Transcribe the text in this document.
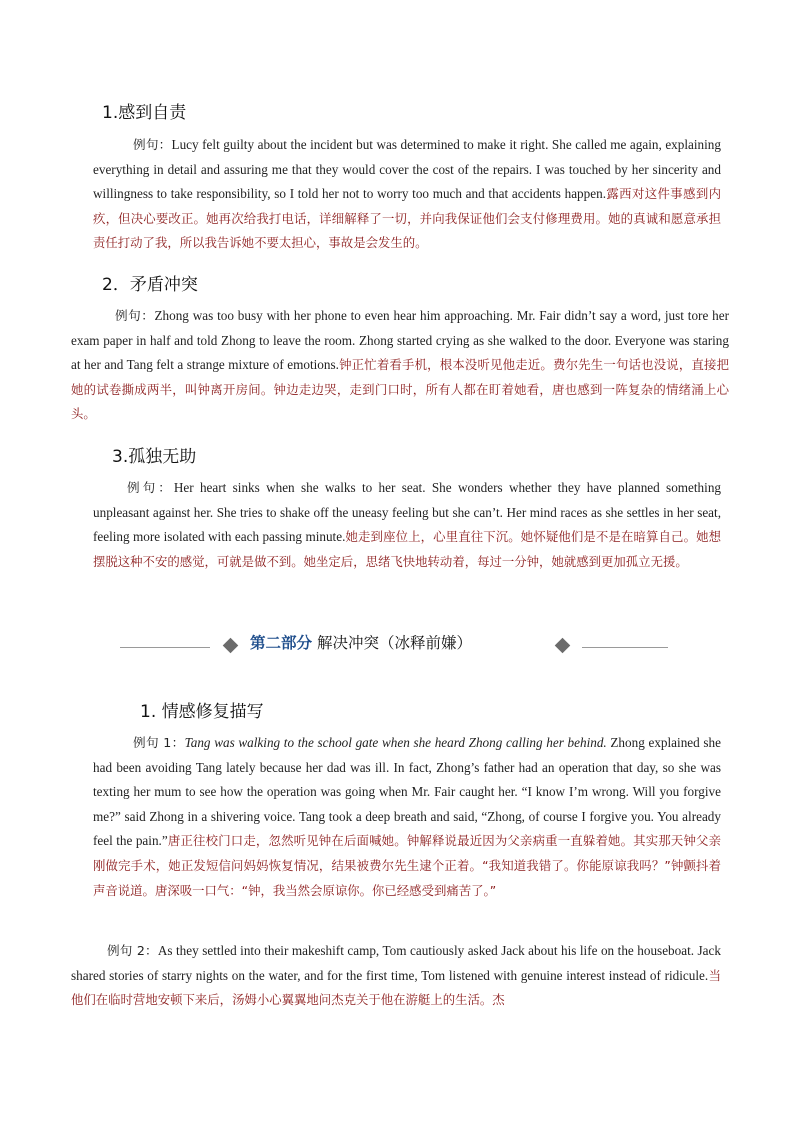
1.感到自责
例句：Lucy felt guilty about the incident but was determined to make it right. She called me again, explaining everything in detail and assuring me that they would cover the cost of the repairs. I was touched by her sincerity and willingness to take responsibility, so I told her not to worry too much and that accidents happen.露西对这件事感到内疚，但决心要改正。她再次给我打电话，详细解释了一切，并向我保证他们会支付修理费用。她的真诚和愿意承担责任打动了我，所以我告诉她不要太担心，事故是会发生的。
2．矛盾冲突
例句：Zhong was too busy with her phone to even hear him approaching. Mr. Fair didn’t say a word, just tore her exam paper in half and told Zhong to leave the room. Zhong started crying as she walked to the door. Everyone was staring at her and Tang felt a strange mixture of emotions.钟正忙着看手机，根本没听见他走近。费尔先生一句话也没说，直接把她的试卷撕成两半，叫钟离开房间。钟边走边哭，走到门口时，所有人都在盯着她看，唐也感到一阵复杂的情绪涌上心头。
3.孤独无助
例句：Her heart sinks when she walks to her seat. She wonders whether they have planned something unpleasant against her. She tries to shake off the uneasy feeling but she can’t. Her mind races as she settles in her seat, feeling more isolated with each passing minute.她走到座位上，心里直往下沉。她怀疑他们是不是在暗算自己。她想摆脱这种不安的感觉，可就是做不到。她坐定后，思绪飞快地转动着，每过一分钟，她就感到更加孤立无援。
第二部分 解决冲突（冰释前嫌）
1. 情感修复描写
例句 1：Tang was walking to the school gate when she heard Zhong calling her behind. Zhong explained she had been avoiding Tang lately because her dad was ill. In fact, Zhong’s father had an operation that day, so she was texting her mum to see how the operation was going when Mr. Fair caught her. “I know I’m wrong. Will you forgive me?” said Zhong in a shivering voice. Tang took a deep breath and said, “Zhong, of course I forgive you. You already feel the pain.”唐正往校门口走，忽然听见钟在后面喊她。钟解释说最近因为父亲病重一直躲着她。其实那天钟父亲刚做完手术，她正发短信问妈妈恢复情况，结果被费尔先生逮个正着。“我知道我错了。你能原谅我吗？”钟颤抖着声音说道。唐深吸一口气：“钟，我当然会原谅你。你已经感受到痛苦了。”
例句 2：As they settled into their makeshift camp, Tom cautiously asked Jack about his life on the houseboat. Jack shared stories of starry nights on the water, and for the first time, Tom listened with genuine interest instead of ridicule.当他们在临时营地安顿下来后，汤姆小心翼翼地问杰克关于他在游艇上的生活。杰
